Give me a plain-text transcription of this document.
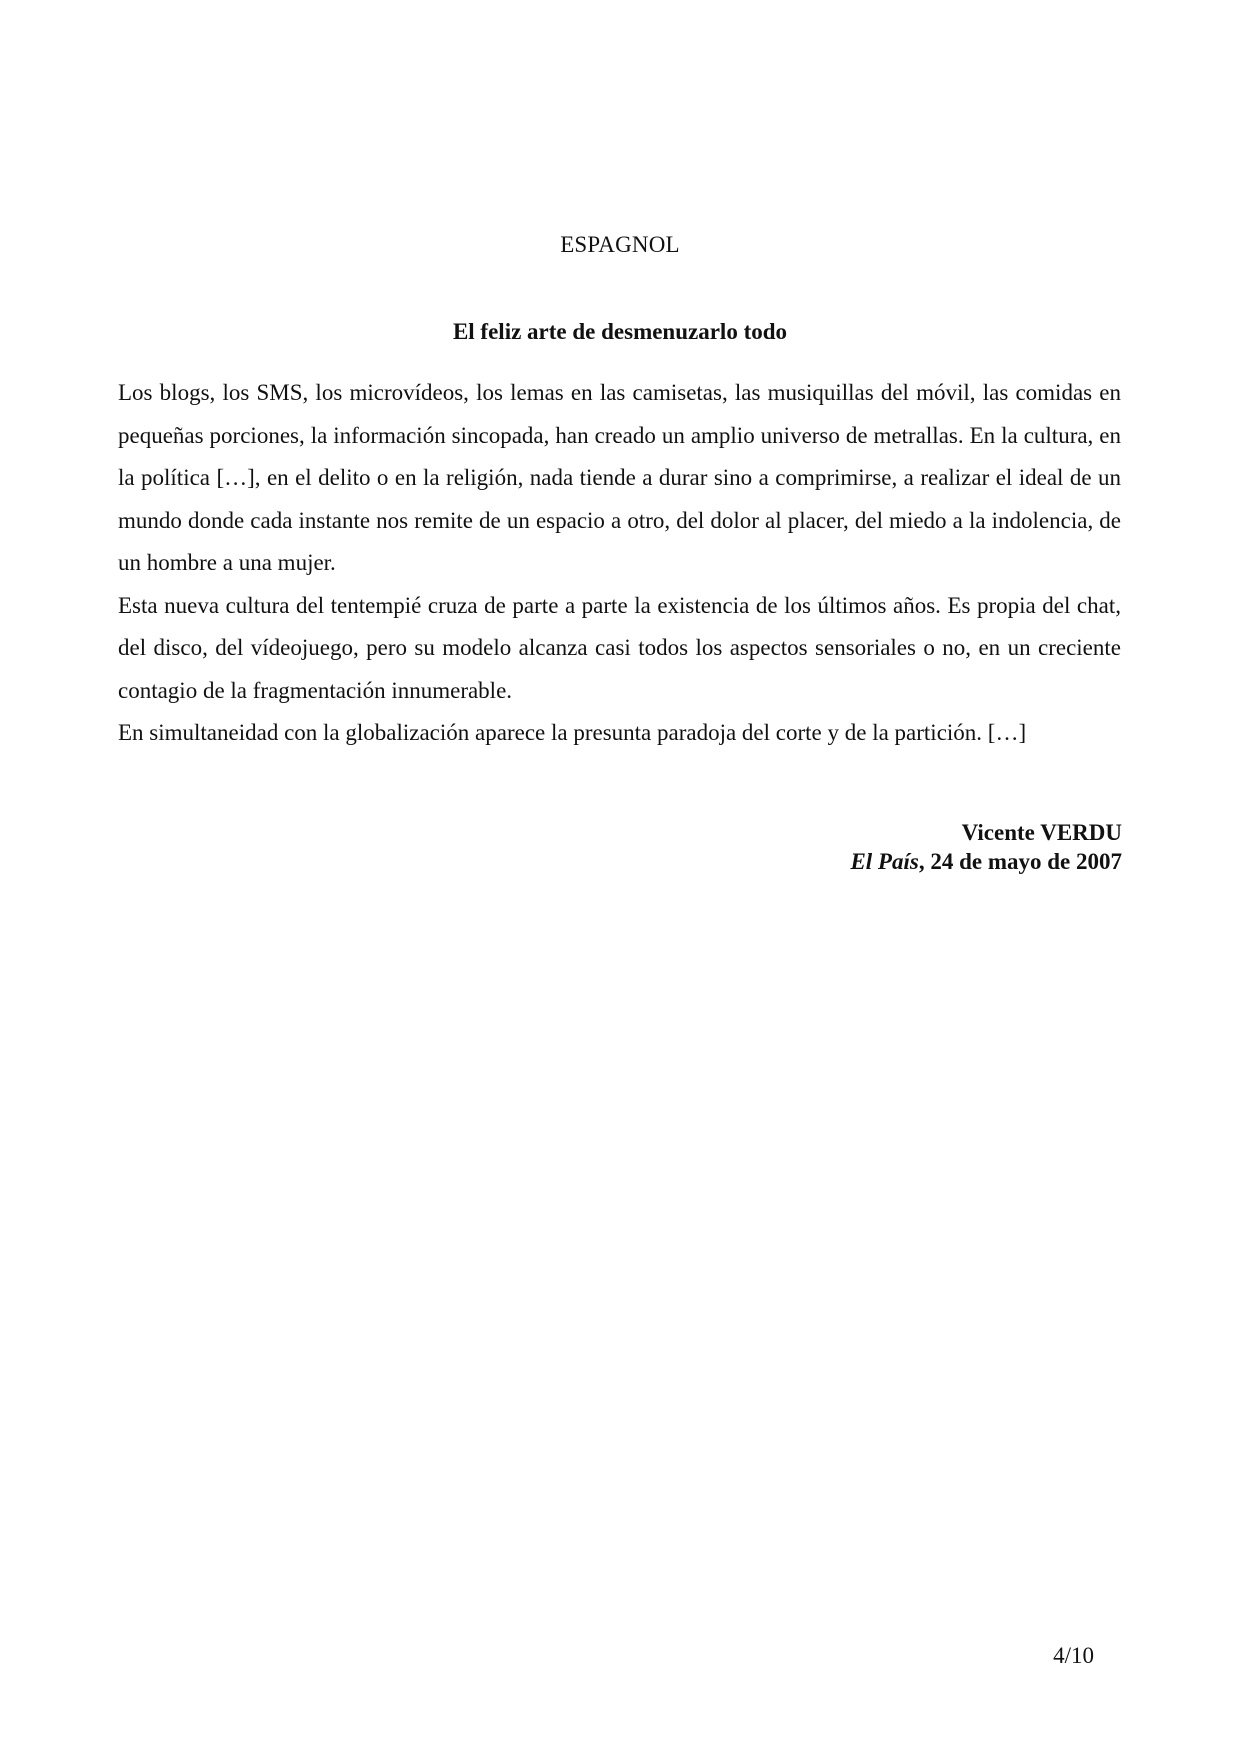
ESPAGNOL
El feliz arte de desmenuzarlo todo

Los blogs, los SMS, los microvídeos, los lemas en las camisetas, las musiquillas del móvil, las comidas en pequeñas porciones, la información sincopada, han creado un amplio universo de metrallas. En la cultura, en la política […], en el delito o en la religión, nada tiende a durar sino a comprimirse, a realizar el ideal de un mundo donde cada instante nos remite de un espacio a otro, del dolor al placer, del miedo a la indolencia, de un hombre a una mujer.

Esta nueva cultura del tentempié cruza de parte a parte la existencia de los últimos años. Es propia del chat, del disco, del vídeojuego, pero su modelo alcanza casi todos los aspectos sensoriales o no, en un creciente contagio de la fragmentación innumerable.

En simultaneidad con la globalización aparece la presunta paradoja del corte y de la partición. […]

Vicente VERDU
El País, 24 de mayo de 2007
4/10
